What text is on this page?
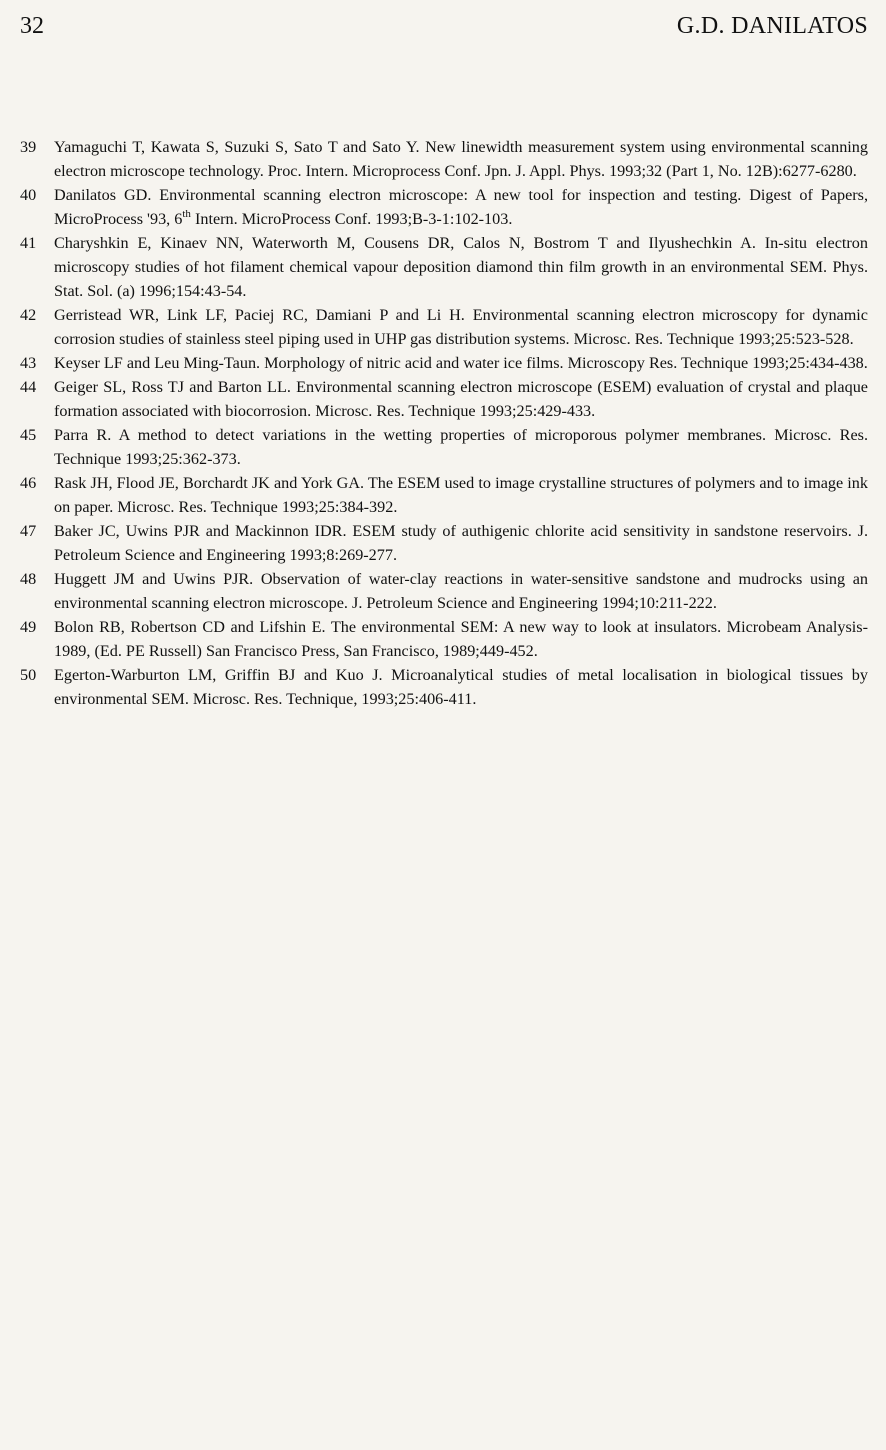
32	G.D. DANILATOS
39 Yamaguchi T, Kawata S, Suzuki S, Sato T and Sato Y. New linewidth measurement system using environmental scanning electron microscope technology. Proc. Intern. Microprocess Conf. Jpn. J. Appl. Phys. 1993;32 (Part 1, No. 12B):6277-6280.
40 Danilatos GD. Environmental scanning electron microscope: A new tool for inspection and testing. Digest of Papers, MicroProcess '93, 6th Intern. MicroProcess Conf. 1993;B-3-1:102-103.
41 Charyshkin E, Kinaev NN, Waterworth M, Cousens DR, Calos N, Bostrom T and Ilyushechkin A. In-situ electron microscopy studies of hot filament chemical vapour deposition diamond thin film growth in an environmental SEM. Phys. Stat. Sol. (a) 1996;154:43-54.
42 Gerristead WR, Link LF, Paciej RC, Damiani P and Li H. Environmental scanning electron microscopy for dynamic corrosion studies of stainless steel piping used in UHP gas distribution systems. Microsc. Res. Technique 1993;25:523-528.
43 Keyser LF and Leu Ming-Taun. Morphology of nitric acid and water ice films. Microscopy Res. Technique 1993;25:434-438.
44 Geiger SL, Ross TJ and Barton LL. Environmental scanning electron microscope (ESEM) evaluation of crystal and plaque formation associated with biocorrosion. Microsc. Res. Technique 1993;25:429-433.
45 Parra R. A method to detect variations in the wetting properties of microporous polymer membranes. Microsc. Res. Technique 1993;25:362-373.
46 Rask JH, Flood JE, Borchardt JK and York GA. The ESEM used to image crystalline structures of polymers and to image ink on paper. Microsc. Res. Technique 1993;25:384-392.
47 Baker JC, Uwins PJR and Mackinnon IDR. ESEM study of authigenic chlorite acid sensitivity in sandstone reservoirs. J. Petroleum Science and Engineering 1993;8:269-277.
48 Huggett JM and Uwins PJR. Observation of water-clay reactions in water-sensitive sandstone and mudrocks using an environmental scanning electron microscope. J. Petroleum Science and Engineering 1994;10:211-222.
49 Bolon RB, Robertson CD and Lifshin E. The environmental SEM: A new way to look at insulators. Microbeam Analysis-1989, (Ed. PE Russell) San Francisco Press, San Francisco, 1989;449-452.
50 Egerton-Warburton LM, Griffin BJ and Kuo J. Microanalytical studies of metal localisation in biological tissues by environmental SEM. Microsc. Res. Technique, 1993;25:406-411.
